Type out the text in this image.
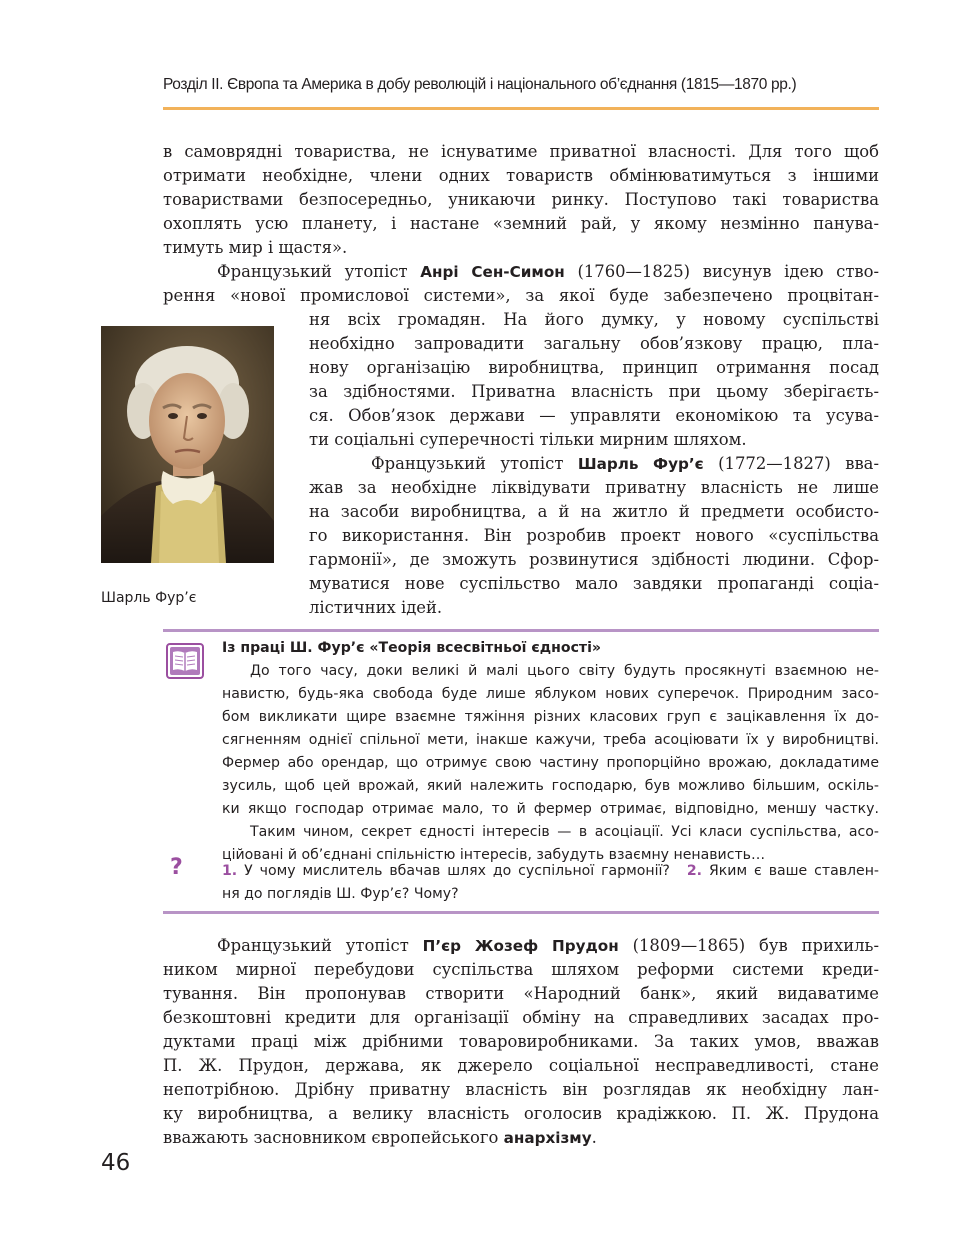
Розділ ІІ. Європа та Америка в добу революцій і національного об’єднання (1815—1870 рр.)
в самоврядні товариства, не існуватиме приватної власності. Для того щоб
отримати необхідне, члени одних товариств обмінюватимуться з іншими
товариствами безпосередньо, уникаючи ринку. Поступово такі товариства
охоплять усю планету, і настане «земний рай, у якому незмінно панува-
тимуть мир і щастя».
Французький утопіст Анрі Сен-Симон (1760—1825) висунув ідею ство-
рення «нової промислової системи», за якої буде забезпечено процвітан-
ня всіх громадян. На його думку, у новому суспільстві
необхідно запровадити загальну обов’язкову працю, пла-
нову організацію виробництва, принцип отримання посад
за здібностями. Приватна власність при цьому зберігаєть-
ся. Обов’язок держави — управляти економікою та усува-
ти соціальні суперечності тільки мирним шляхом.
Французький утопіст Шарль Фур’є (1772—1827) вва-
жав за необхідне ліквідувати приватну власність не лише
на засоби виробництва, а й на житло й предмети особисто-
го використання. Він розробив проект нового «суспільства
гармонії», де зможуть розвинутися здібності людини. Сфор-
муватися нове суспільство мало завдяки пропаганді соціа-
лістичних ідей.
Шарль Фур’є
Із праці Ш. Фур’є «Теорія всесвітньої єдності»
До того часу, доки великі й малі цього світу будуть просякнуті взаємною не-
навистю, будь-яка свобода буде лише яблуком нових суперечок. Природним засо-
бом викликати щире взаємне тяжіння різних класових груп є зацікавлення їх до-
сягненням однієї спільної мети, інакше кажучи, треба асоціювати їх у виробництві.
Фермер або орендар, що отримує свою частину пропорційно врожаю, докладатиме
зусиль, щоб цей врожай, який належить господарю, був можливо більшим, оскіль-
ки якщо господар отримає мало, то й фермер отримає, відповідно, меншу частку.
Таким чином, секрет єдності інтересів — в асоціації. Усі класи суспільства, асо-
ційовані й об’єднані спільністю інтересів, забудуть взаємну ненависть…
?	1. У чому мислитель вбачав шлях до суспільної гармонії? 2. Яким є ваше ставлен-
ня до поглядів Ш. Фур’є? Чому?
Французький утопіст П’єр Жозеф Прудон (1809—1865) був прихиль-
ником мирної перебудови суспільства шляхом реформи системи креди-
тування. Він пропонував створити «Народний банк», який видаватиме
безкоштовні кредити для організації обміну на справедливих засадах про-
дуктами праці між дрібними товаровиробниками. За таких умов, вважав
П. Ж. Прудон, держава, як джерело соціальної несправедливості, стане
непотрібною. Дрібну приватну власність він розглядав як необхідну лан-
ку виробництва, а велику власність оголосив крадіжкою. П. Ж. Прудона
вважають засновником європейського анархізму.
46
